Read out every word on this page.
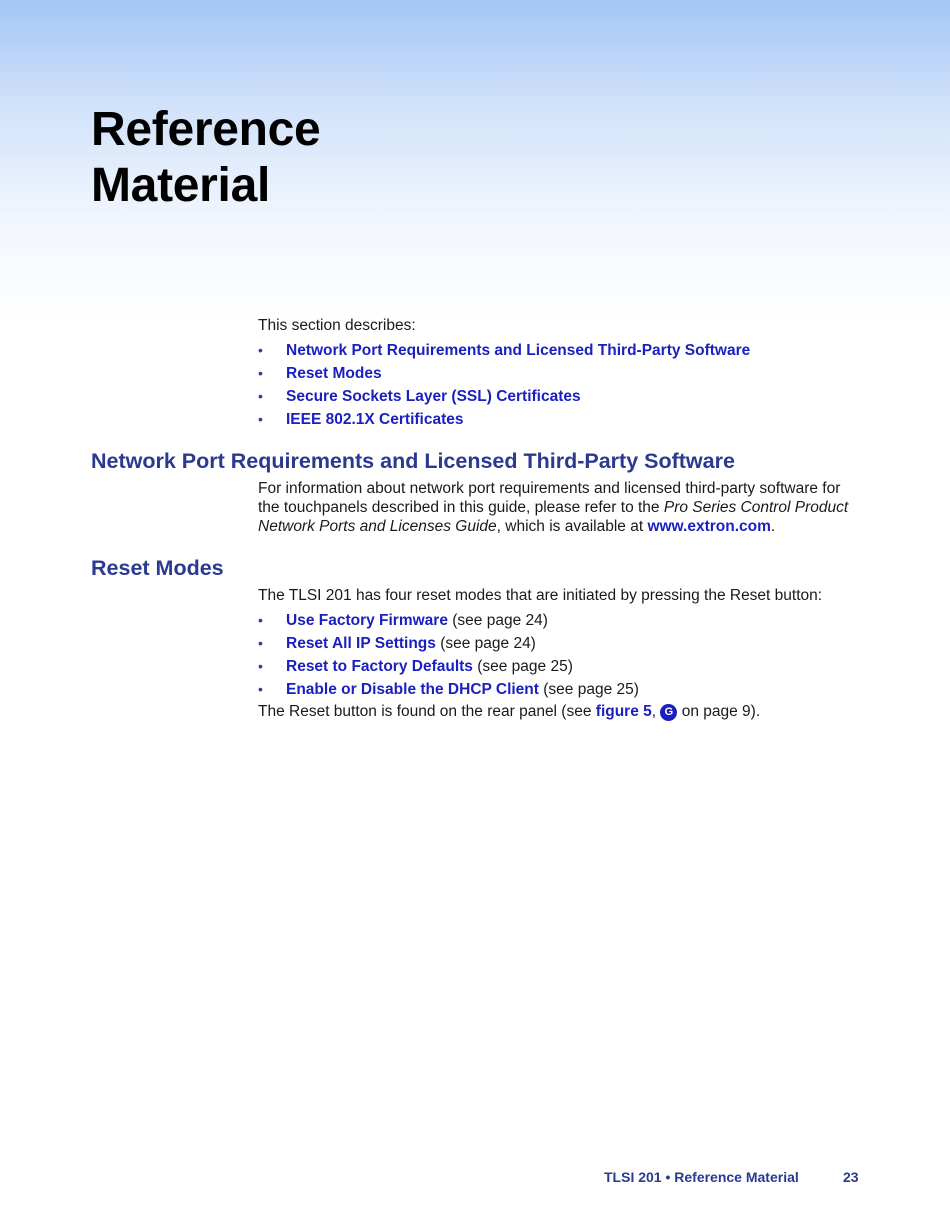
Reference
Material

This section describes:

• Network Port Requirements and Licensed Third-Party Software
• Reset Modes
• Secure Sockets Layer (SSL) Certificates
• IEEE 802.1X Certificates
Network Port Requirements and Licensed Third-Party Software

For information about network port requirements and licensed third-party software for the touchpanels described in this guide, please refer to the Pro Series Control Product Network Ports and Licenses Guide, which is available at www.extron.com.

Reset Modes

The TLSI 201 has four reset modes that are initiated by pressing the Reset button:

• Use Factory Firmware (see page 24)
• Reset All IP Settings (see page 24)
• Reset to Factory Defaults (see page 25)
• Enable or Disable the DHCP Client (see page 25)

The Reset button is found on the rear panel (see figure 5, G on page 9).

TLSI 201 • Reference Material	23
